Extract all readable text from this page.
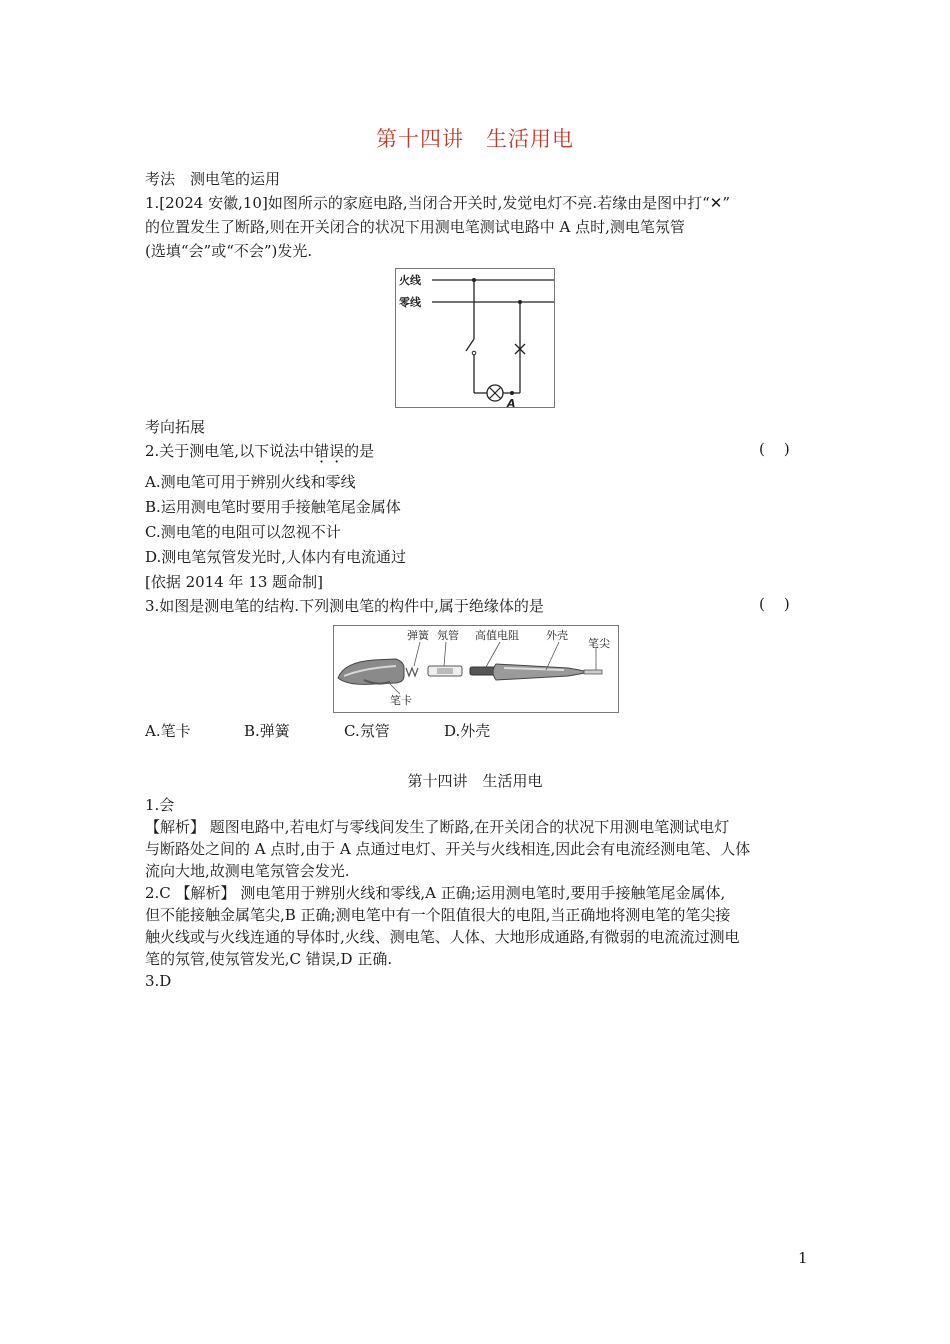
第十四讲　生活用电
考法　测电笔的运用
1.[2024 安徽,10]如图所示的家庭电路,当闭合开关时,发觉电灯不亮.若缘由是图中打“✕”
的位置发生了断路,则在开关闭合的状况下用测电笔测试电路中 A 点时,测电笔氖管
(选填“会”或“不会”)发光.
火线
零线
A
考向拓展
2.关于测电笔,以下说法中错误的是	(    )
A.测电笔可用于辨别火线和零线
B.运用测电笔时要用手接触笔尾金属体
C.测电笔的电阻可以忽视不计
D.测电笔氖管发光时,人体内有电流通过
[依据 2014 年 13 题命制]
3.如图是测电笔的结构.下列测电笔的构件中,属于绝缘体的是	(    )
弹簧 氖管 高值电阻 外壳
笔尖
笔卡
A.笔卡	B.弹簧	C.氖管	D.外壳
第十四讲　生活用电
1.会
【解析】 题图电路中,若电灯与零线间发生了断路,在开关闭合的状况下用测电笔测试电灯
与断路处之间的 A 点时,由于 A 点通过电灯、开关与火线相连,因此会有电流经测电笔、人体
流向大地,故测电笔氖管会发光.
2.C 【解析】 测电笔用于辨别火线和零线,A 正确;运用测电笔时,要用手接触笔尾金属体,
但不能接触金属笔尖,B 正确;测电笔中有一个阻值很大的电阻,当正确地将测电笔的笔尖接
触火线或与火线连通的导体时,火线、测电笔、人体、大地形成通路,有微弱的电流流过测电
笔的氖管,使氖管发光,C 错误,D 正确.
3.D
1
